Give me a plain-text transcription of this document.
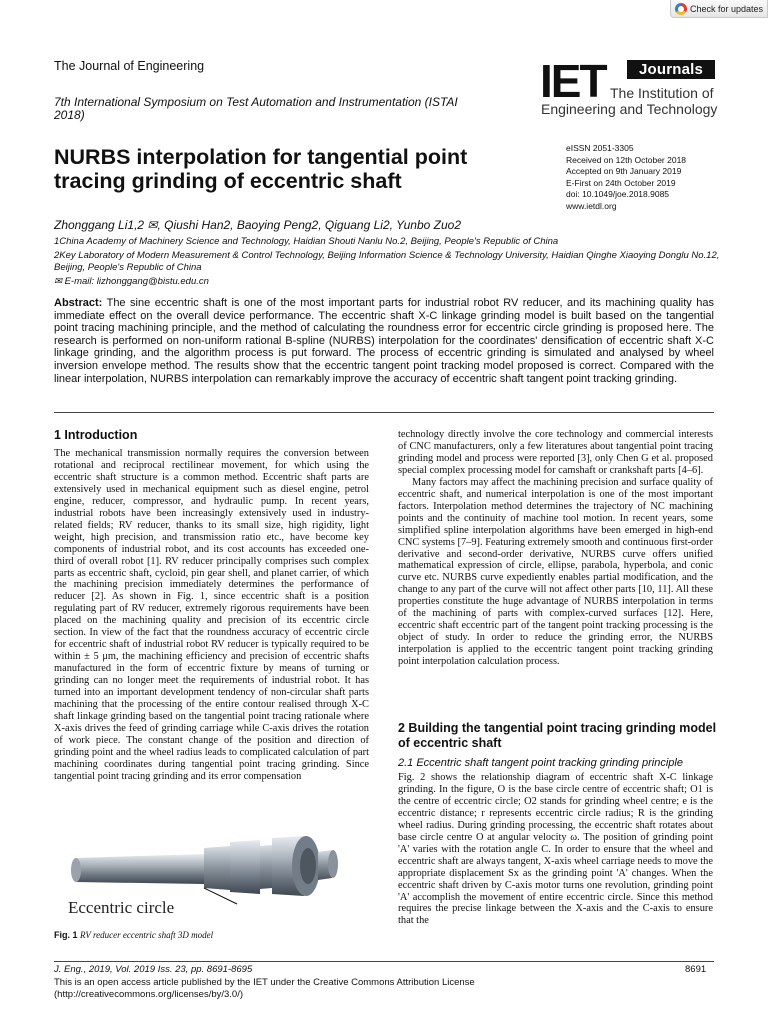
Check for updates
The Journal of Engineering
7th International Symposium on Test Automation and Instrumentation (ISTAI 2018)
IET	Journals
The Institution of
Engineering and Technology
NURBS interpolation for tangential point tracing grinding of eccentric shaft
eISSN 2051-3305
Received on 12th October 2018
Accepted on 9th January 2019
E-First on 24th October 2019
doi: 10.1049/joe.2018.9085
www.ietdl.org
Zhonggang Li1,2 ✉, Qiushi Han2, Baoying Peng2, Qiguang Li2, Yunbo Zuo2
1China Academy of Machinery Science and Technology, Haidian Shouti Nanlu No.2, Beijing, People's Republic of China
2Key Laboratory of Modern Measurement & Control Technology, Beijing Information Science & Technology University, Haidian Qinghe Xiaoying Donglu No.12, Beijing, People's Republic of China
✉ E-mail: lizhonggang@bistu.edu.cn
Abstract: The sine eccentric shaft is one of the most important parts for industrial robot RV reducer, and its machining quality has immediate effect on the overall device performance. The eccentric shaft X-C linkage grinding model is built based on the tangential point tracing machining principle, and the method of calculating the roundness error for eccentric circle grinding is proposed here. The research is performed on non-uniform rational B-spline (NURBS) interpolation for the coordinates' densification of eccentric shaft X-C linkage grinding, and the algorithm process is put forward. The process of eccentric grinding is simulated and analysed by wheel inversion envelope method. The results show that the eccentric tangent point tracking model proposed is correct. Compared with the linear interpolation, NURBS interpolation can remarkably improve the accuracy of eccentric shaft tangent point tracking grinding.
1 Introduction

The mechanical transmission normally requires the conversion between rotational and reciprocal rectilinear movement, for which using the eccentric shaft structure is a common method. Eccentric shaft parts are extensively used in mechanical equipment such as diesel engine, petrol engine, reducer, compressor, and hydraulic pump. In recent years, industrial robots have been increasingly extensively used in industry-related fields; RV reducer, thanks to its small size, high rigidity, light weight, high precision, and transmission ratio etc., have become key components of industrial robot, and its cost accounts has exceeded one-third of overall robot [1]. RV reducer principally comprises such complex parts as eccentric shaft, cycloid, pin gear shell, and planet carrier, of which the machining precision immediately determines the performance of reducer [2]. As shown in Fig. 1, since eccentric shaft is a position regulating part of RV reducer, extremely rigorous requirements have been placed on the machining quality and precision of its eccentric circle section. In view of the fact that the roundness accuracy of eccentric circle for eccentric shaft of industrial robot RV reducer is typically required to be within ± 5 μm, the machining efficiency and precision of eccentric shafts manufactured in the form of eccentric fixture by means of turning or grinding can no longer meet the requirements of industrial robot. It has turned into an important development tendency of non-circular shaft parts machining that the processing of the entire contour realised through X-C shaft linkage grinding based on the tangential point tracing rationale where X-axis drives the feed of grinding carriage while C-axis drives the rotation of work piece. The constant change of the position and direction of grinding point and the wheel radius leads to complicated calculation of part machining coordinates during tangential point tracing grinding. Since tangential point tracing grinding and its error compensation

technology directly involve the core technology and commercial interests of CNC manufacturers, only a few literatures about tangential point tracing grinding model and process were reported [3], only Chen G et al. proposed special complex processing model for camshaft or crankshaft parts [4–6].

Many factors may affect the machining precision and surface quality of eccentric shaft, and numerical interpolation is one of the most important factors. Interpolation method determines the trajectory of NC machining points and the continuity of machine tool motion. In recent years, some simplified spline interpolation algorithms have been emerged in high-end CNC systems [7–9]. Featuring extremely smooth and continuous first-order derivative and second-order derivative, NURBS curve offers unified mathematical expression of circle, ellipse, parabola, hyperbola, and conic curve etc. NURBS curve expediently enables partial modification, and the change to any part of the curve will not affect other parts [10, 11]. All these properties constitute the huge advantage of NURBS interpolation in terms of the machining of parts with complex-curved surfaces [12]. Here, eccentric shaft eccentric part of the tangent point tracking processing is the object of study. In order to reduce the grinding error, the NURBS interpolation is applied to the eccentric tangent point tracking grinding point interpolation calculation process.

2 Building the tangential point tracing grinding model of eccentric shaft
2.1 Eccentric shaft tangent point tracking grinding principle

Fig. 2 shows the relationship diagram of eccentric shaft X-C linkage grinding. In the figure, O is the base circle centre of eccentric shaft; O1 is the centre of eccentric circle; O2 stands for grinding wheel centre; e is the eccentric distance; r represents eccentric circle radius; R is the grinding wheel radius. During grinding processing, the eccentric shaft rotates about base circle centre O at angular velocity ω. The position of grinding point 'A' varies with the rotation angle C. In order to ensure that the wheel and eccentric shaft are always tangent, X-axis wheel carriage needs to move the appropriate displacement Sx as the grinding point 'A' changes. When the eccentric shaft driven by C-axis motor turns one revolution, grinding point 'A' accomplish the movement of entire eccentric circle. Since this method requires the precise linkage between the X-axis and the C-axis to ensure that the

Eccentric circle
Fig. 1 RV reducer eccentric shaft 3D model
J. Eng., 2019, Vol. 2019 Iss. 23, pp. 8691-8695	8691
This is an open access article published by the IET under the Creative Commons Attribution License
(http://creativecommons.org/licenses/by/3.0/)
